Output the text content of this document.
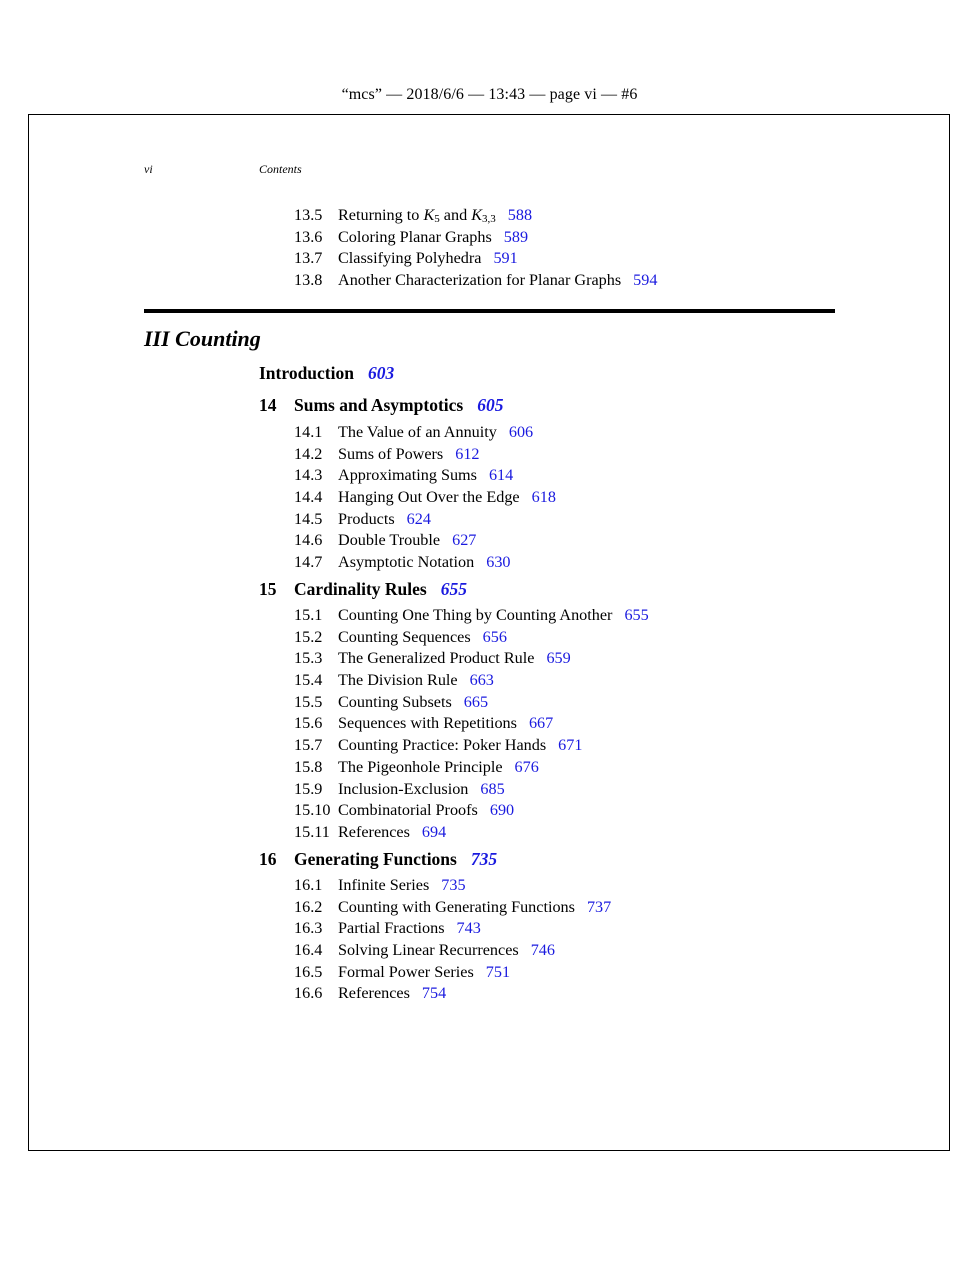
“mcs” — 2018/6/6 — 13:43 — page vi — #6
vi	Contents
13.5 Returning to K5 and K3,3 588
13.6 Coloring Planar Graphs 589
13.7 Classifying Polyhedra 591
13.8 Another Characterization for Planar Graphs 594
III Counting
Introduction 603
14 Sums and Asymptotics 605
14.1 The Value of an Annuity 606
14.2 Sums of Powers 612
14.3 Approximating Sums 614
14.4 Hanging Out Over the Edge 618
14.5 Products 624
14.6 Double Trouble 627
14.7 Asymptotic Notation 630
15 Cardinality Rules 655
15.1 Counting One Thing by Counting Another 655
15.2 Counting Sequences 656
15.3 The Generalized Product Rule 659
15.4 The Division Rule 663
15.5 Counting Subsets 665
15.6 Sequences with Repetitions 667
15.7 Counting Practice: Poker Hands 671
15.8 The Pigeonhole Principle 676
15.9 Inclusion-Exclusion 685
15.10 Combinatorial Proofs 690
15.11 References 694
16 Generating Functions 735
16.1 Infinite Series 735
16.2 Counting with Generating Functions 737
16.3 Partial Fractions 743
16.4 Solving Linear Recurrences 746
16.5 Formal Power Series 751
16.6 References 754
